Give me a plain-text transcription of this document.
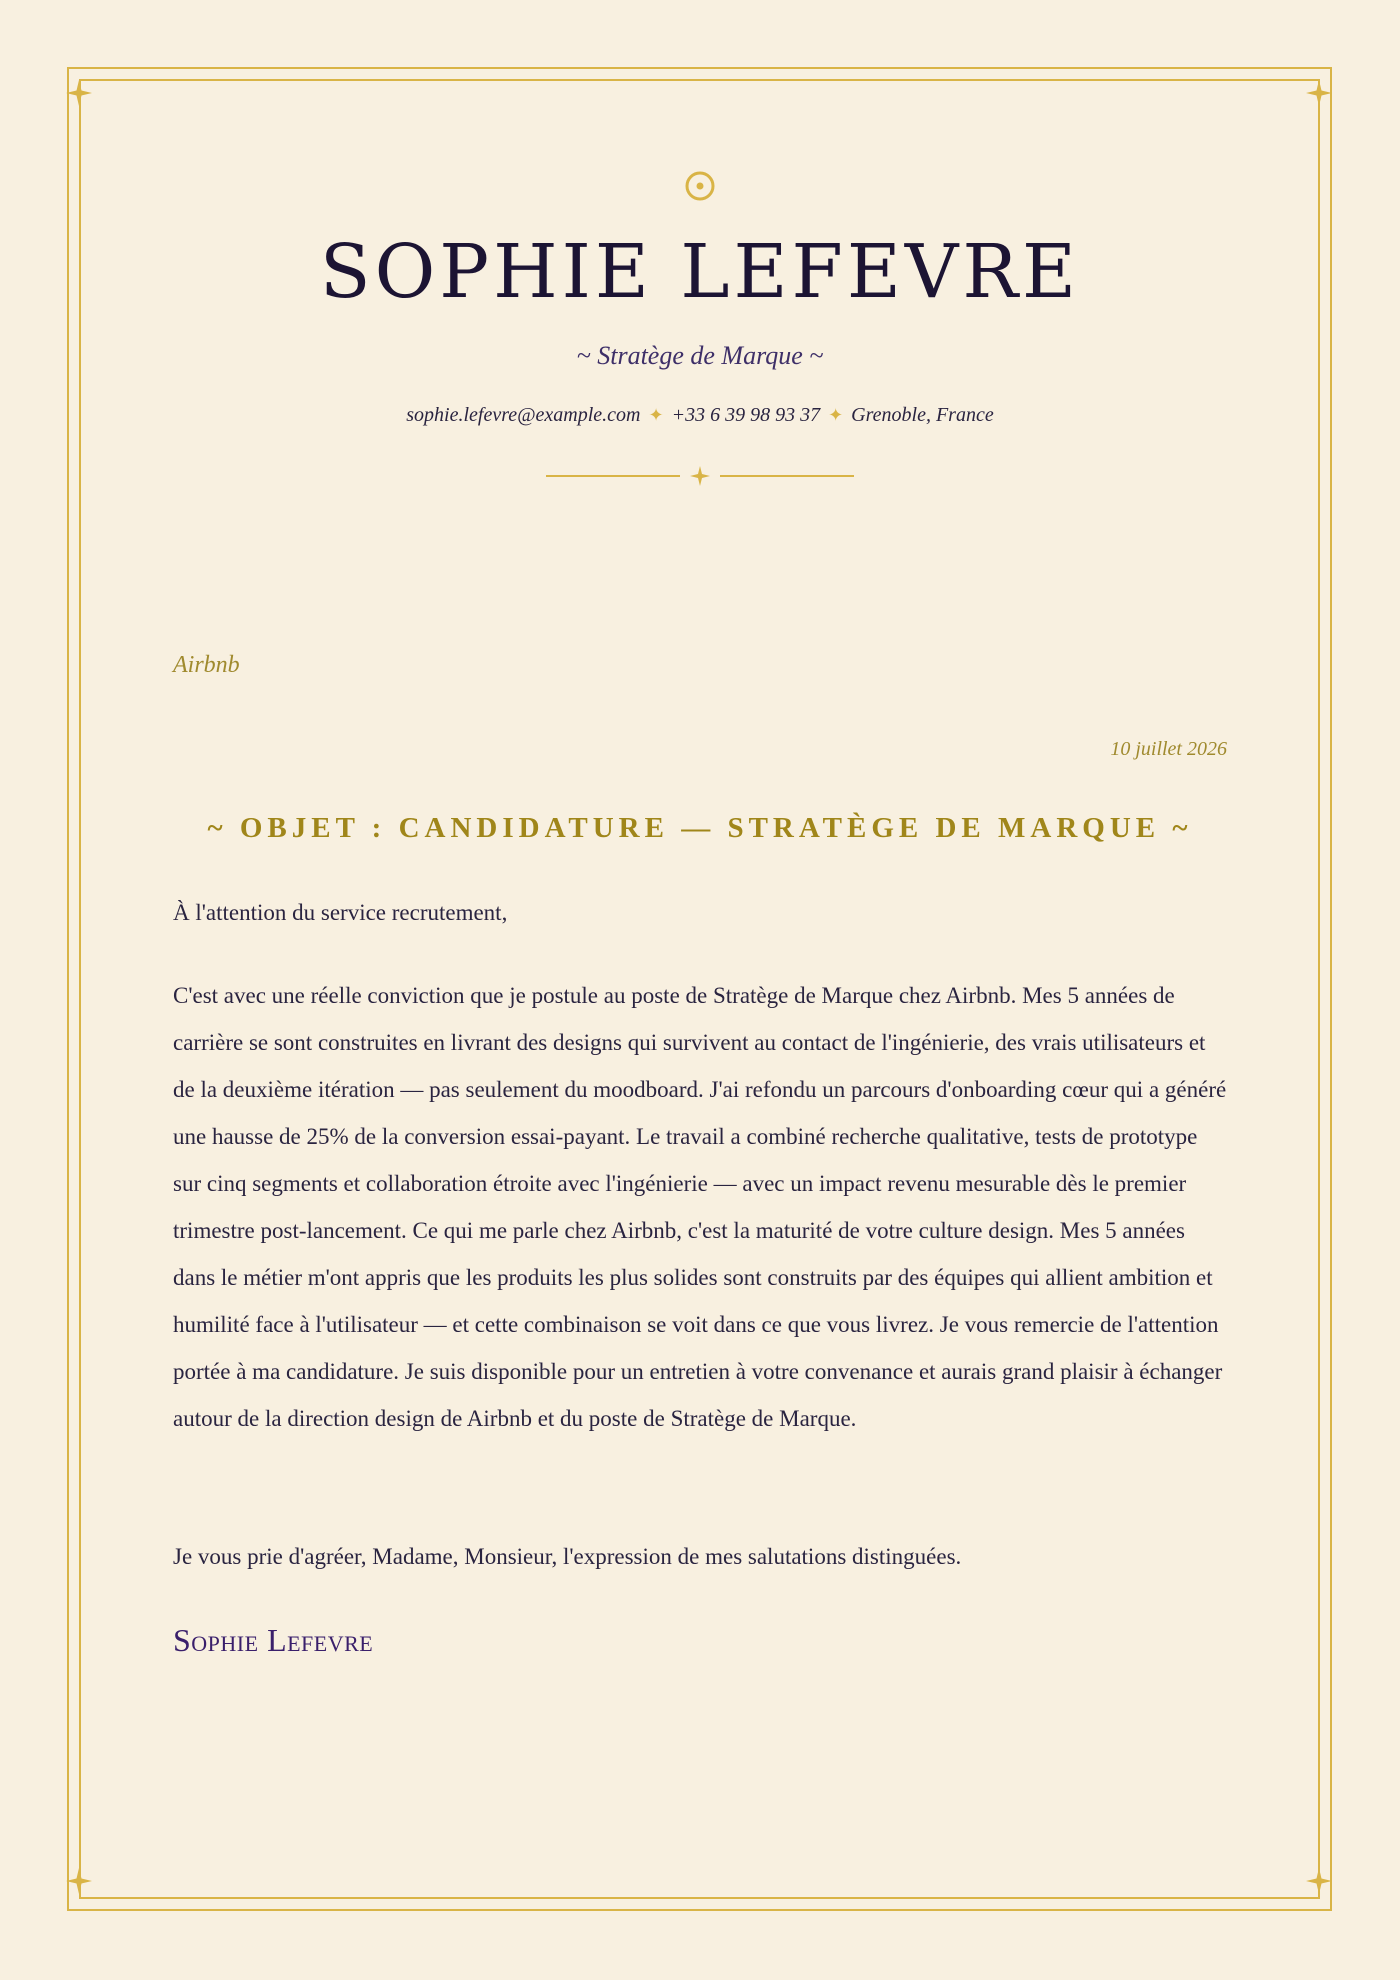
SOPHIE LEFEVRE
~ Stratège de Marque ~
sophie.lefevre@example.com ✦ +33 6 39 98 93 37 ✦ Grenoble, France
Airbnb
10 juillet 2026
~ OBJET : CANDIDATURE — STRATÈGE DE MARQUE ~
À l'attention du service recrutement,

C'est avec une réelle conviction que je postule au poste de Stratège de Marque chez Airbnb. Mes 5 années de carrière se sont construites en livrant des designs qui survivent au contact de l'ingénierie, des vrais utilisateurs et de la deuxième itération — pas seulement du moodboard. J'ai refondu un parcours d'onboarding cœur qui a généré une hausse de 25% de la conversion essai-payant. Le travail a combiné recherche qualitative, tests de prototype sur cinq segments et collaboration étroite avec l'ingénierie — avec un impact revenu mesurable dès le premier trimestre post-lancement. Ce qui me parle chez Airbnb, c'est la maturité de votre culture design. Mes 5 années dans le métier m'ont appris que les produits les plus solides sont construits par des équipes qui allient ambition et humilité face à l'utilisateur — et cette combinaison se voit dans ce que vous livrez. Je vous remercie de l'attention portée à ma candidature. Je suis disponible pour un entretien à votre convenance et aurais grand plaisir à échanger autour de la direction design de Airbnb et du poste de Stratège de Marque.

Je vous prie d'agréer, Madame, Monsieur, l'expression de mes salutations distinguées.
Sophie Lefevre
